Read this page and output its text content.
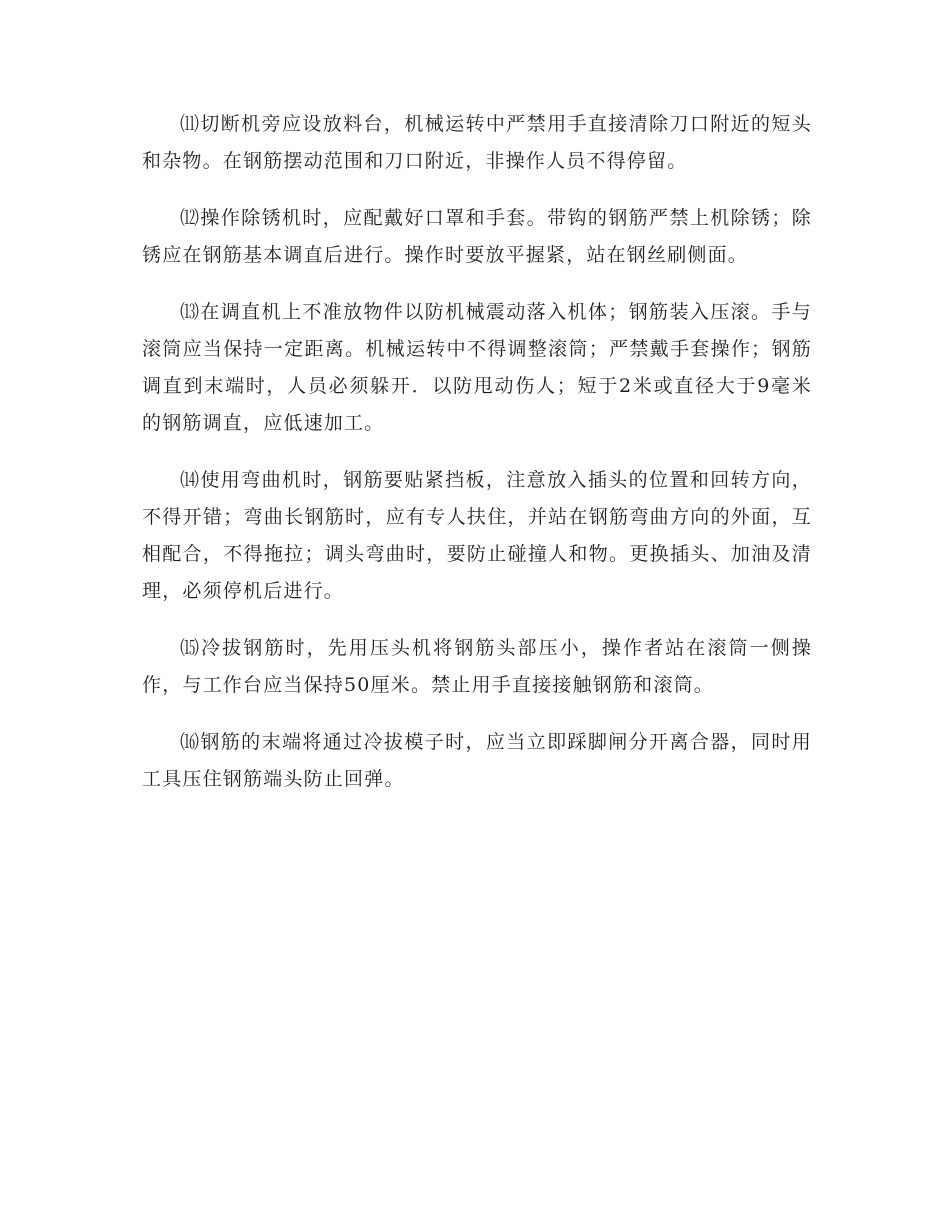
⑾切断机旁应设放料台，机械运转中严禁用手直接清除刀口附近的短头和杂物。在钢筋摆动范围和刀口附近，非操作人员不得停留。

⑿操作除锈机时，应配戴好口罩和手套。带钩的钢筋严禁上机除锈；除锈应在钢筋基本调直后进行。操作时要放平握紧，站在钢丝刷侧面。

⒀在调直机上不准放物件以防机械震动落入机体；钢筋装入压滚。手与滚筒应当保持一定距离。机械运转中不得调整滚筒；严禁戴手套操作；钢筋调直到末端时，人员必须躲开．以防甩动伤人；短于2米或直径大于9毫米的钢筋调直，应低速加工。

⒁使用弯曲机时，钢筋要贴紧挡板，注意放入插头的位置和回转方向，不得开错；弯曲长钢筋时，应有专人扶住，并站在钢筋弯曲方向的外面，互相配合，不得拖拉；调头弯曲时，要防止碰撞人和物。更换插头、加油及清理，必须停机后进行。

⒂冷拔钢筋时，先用压头机将钢筋头部压小，操作者站在滚筒一侧操作，与工作台应当保持50厘米。禁止用手直接接触钢筋和滚筒。

⒃钢筋的末端将通过冷拔模子时，应当立即踩脚闸分开离合器，同时用工具压住钢筋端头防止回弹。
